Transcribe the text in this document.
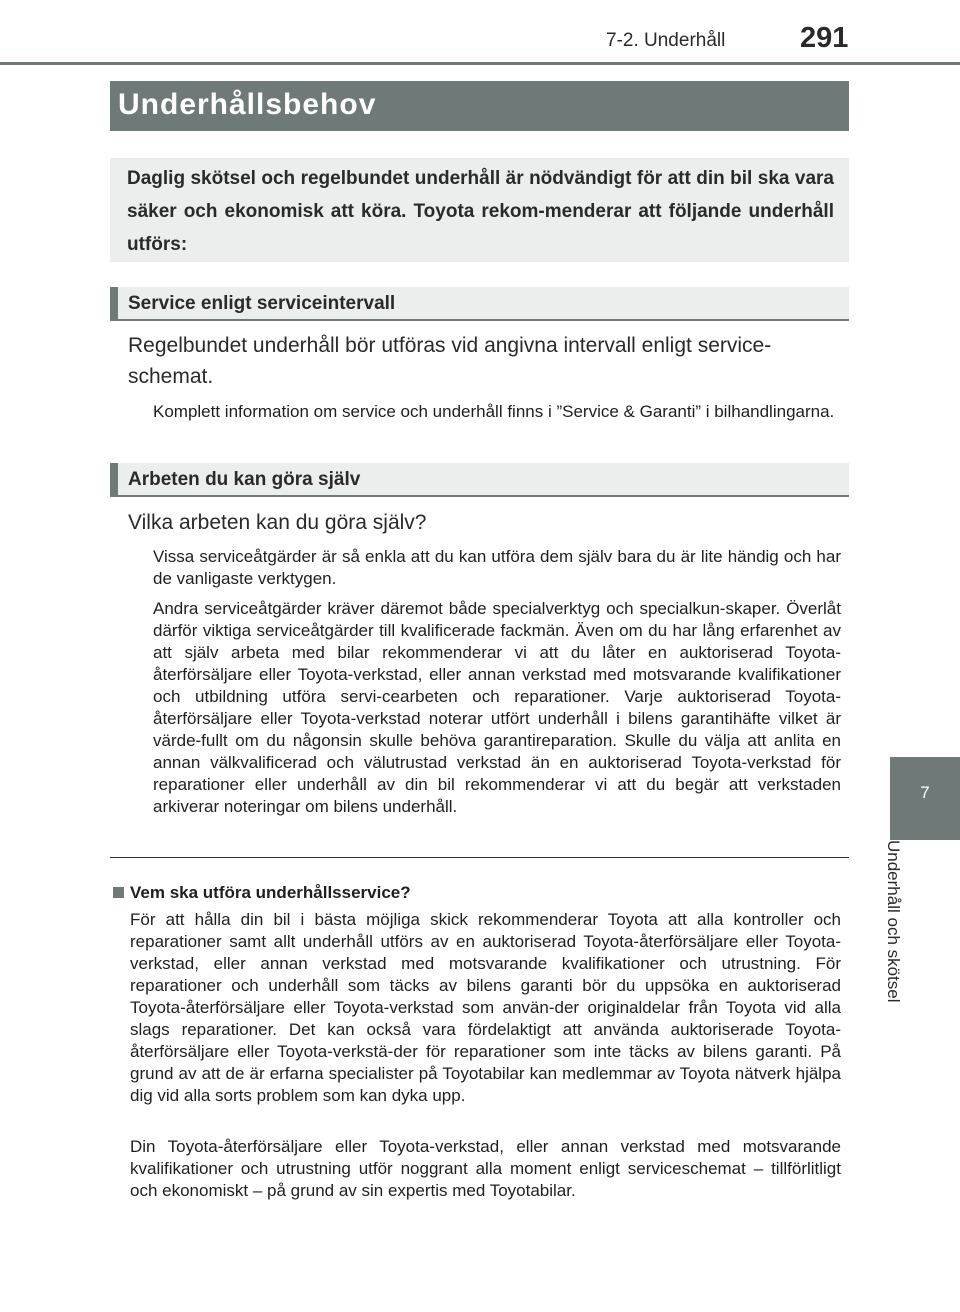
7-2. Underhåll	291
7
Underhåll och skötsel
Underhållsbehov

Daglig skötsel och regelbundet underhåll är nödvändigt för att din bil ska vara säker och ekonomisk att köra. Toyota rekom-menderar att följande underhåll utförs:

Service enligt serviceintervall

Regelbundet underhåll bör utföras vid angivna intervall enligt service-schemat.

Komplett information om service och underhåll finns i ”Service & Garanti” i bilhandlingarna.

Arbeten du kan göra själv

Vilka arbeten kan du göra själv?

Vissa serviceåtgärder är så enkla att du kan utföra dem själv bara du är lite händig och har de vanligaste verktygen.

Andra serviceåtgärder kräver däremot både specialverktyg och specialkun-skaper. Överlåt därför viktiga serviceåtgärder till kvalificerade fackmän. Även om du har lång erfarenhet av att själv arbeta med bilar rekommenderar vi att du låter en auktoriserad Toyota-återförsäljare eller Toyota-verkstad, eller annan verkstad med motsvarande kvalifikationer och utbildning utföra servi-cearbeten och reparationer. Varje auktoriserad Toyota-återförsäljare eller Toyota-verkstad noterar utfört underhåll i bilens garantihäfte vilket är värde-fullt om du någonsin skulle behöva garantireparation. Skulle du välja att anlita en annan välkvalificerad och välutrustad verkstad än en auktoriserad Toyota-verkstad för reparationer eller underhåll av din bil rekommenderar vi att du begär att verkstaden arkiverar noteringar om bilens underhåll.

Vem ska utföra underhållsservice?

För att hålla din bil i bästa möjliga skick rekommenderar Toyota att alla kontroller och reparationer samt allt underhåll utförs av en auktoriserad Toyota-återförsäljare eller Toyota-verkstad, eller annan verkstad med motsvarande kvalifikationer och utrustning. För reparationer och underhåll som täcks av bilens garanti bör du uppsöka en auktoriserad Toyota-återförsäljare eller Toyota-verkstad som använ-der originaldelar från Toyota vid alla slags reparationer. Det kan också vara fördelaktigt att använda auktoriserade Toyota-återförsäljare eller Toyota-verkstä-der för reparationer som inte täcks av bilens garanti. På grund av att de är erfarna specialister på Toyotabilar kan medlemmar av Toyota nätverk hjälpa dig vid alla sorts problem som kan dyka upp.

Din Toyota-återförsäljare eller Toyota-verkstad, eller annan verkstad med motsvarande kvalifikationer och utrustning utför noggrant alla moment enligt serviceschemat – tillförlitligt och ekonomiskt – på grund av sin expertis med Toyotabilar.
